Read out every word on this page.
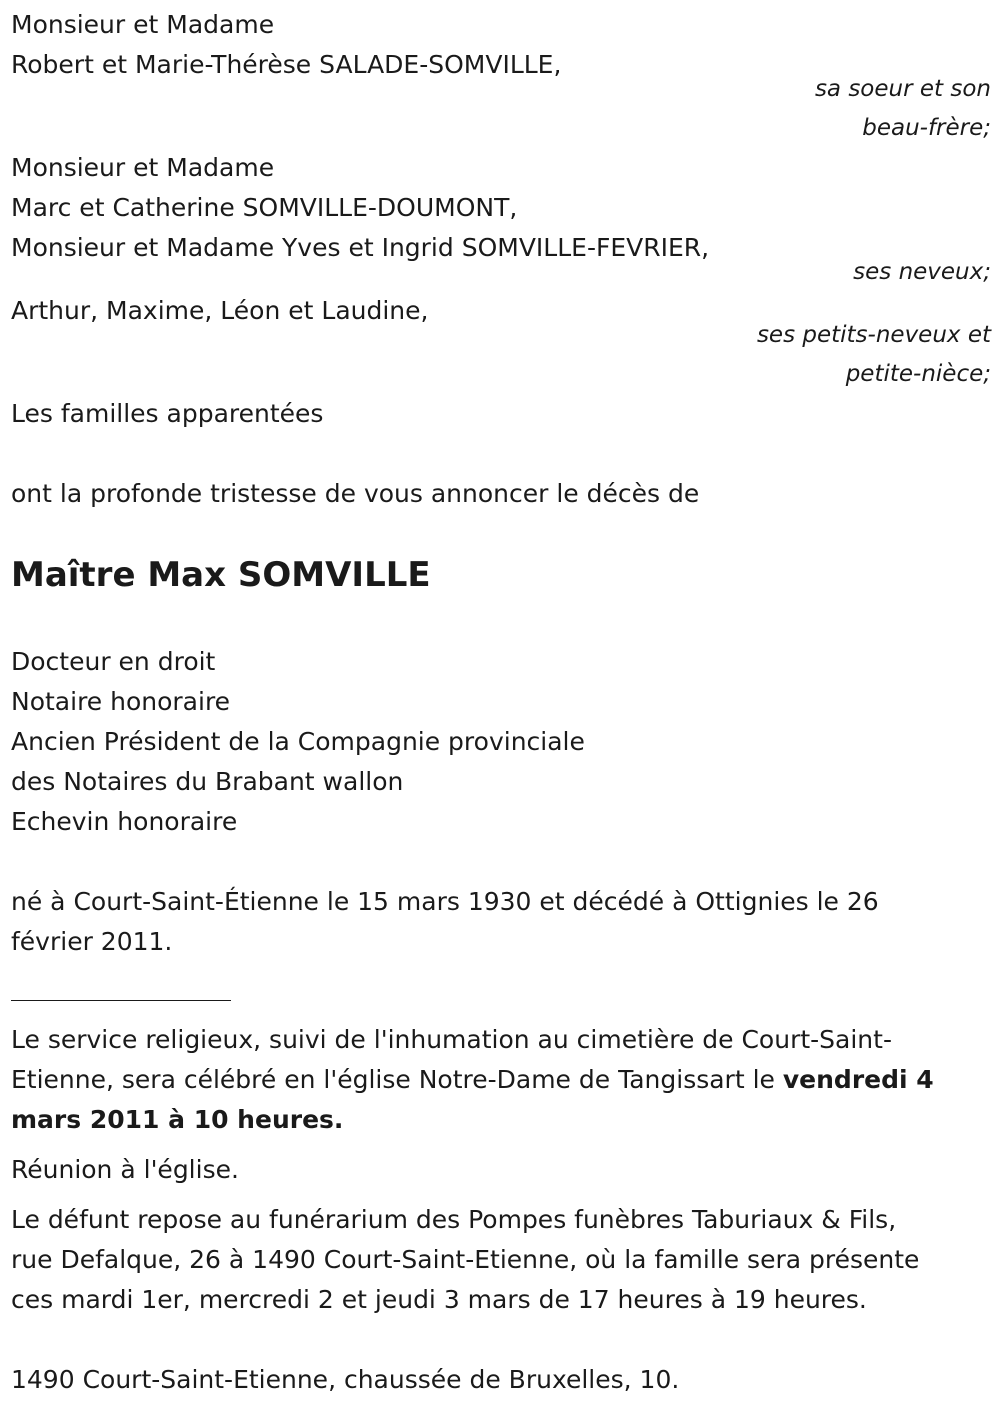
Monsieur et Madame
Robert et Marie-Thérèse SALADE-SOMVILLE,
sa soeur et son
beau-frère;
Monsieur et Madame
Marc et Catherine SOMVILLE-DOUMONT,
Monsieur et Madame Yves et Ingrid SOMVILLE-FEVRIER,
ses neveux;
Arthur, Maxime, Léon et Laudine,
ses petits-neveux et
petite-nièce;
Les familles apparentées
ont la profonde tristesse de vous annoncer le décès de
Maître Max SOMVILLE
Docteur en droit
Notaire honoraire
Ancien Président de la Compagnie provinciale
des Notaires du Brabant wallon
Echevin honoraire
né à Court-Saint-Étienne le 15 mars 1930 et décédé à Ottignies le 26
février 2011.
Le service religieux, suivi de l'inhumation au cimetière de Court-Saint-
Etienne, sera célébré en l'église Notre-Dame de Tangissart le vendredi 4
mars 2011 à 10 heures.
Réunion à l'église.
Le défunt repose au funérarium des Pompes funèbres Taburiaux & Fils,
rue Defalque, 26 à 1490 Court-Saint-Etienne, où la famille sera présente
ces mardi 1er, mercredi 2 et jeudi 3 mars de 17 heures à 19 heures.
1490 Court-Saint-Etienne, chaussée de Bruxelles, 10.
